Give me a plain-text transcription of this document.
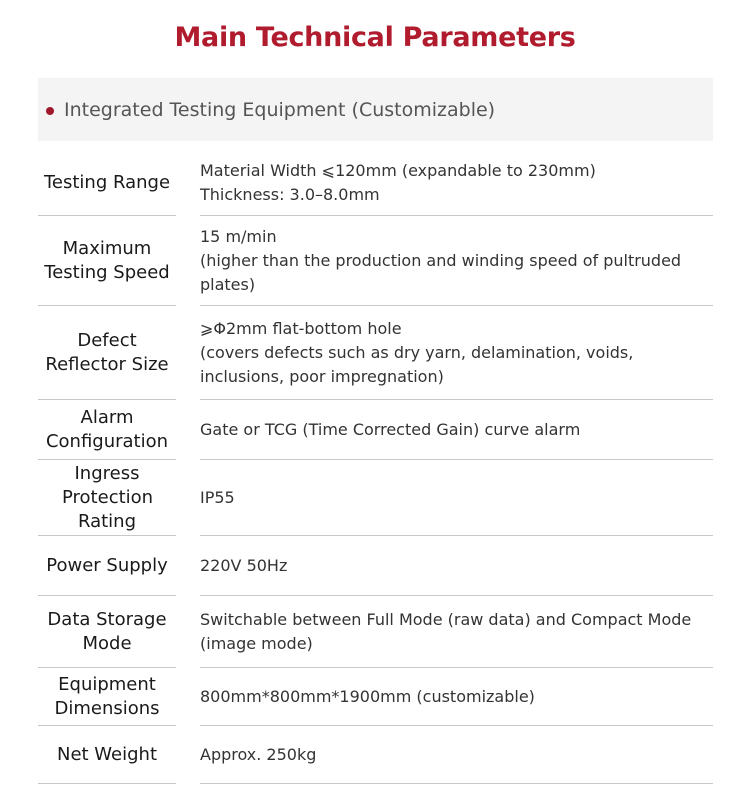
Main Technical Parameters
Integrated Testing Equipment (Customizable)
Testing Range
Material Width ⩽120mm (expandable to 230mm)
Thickness: 3.0–8.0mm
Maximum Testing Speed
15 m/min
(higher than the production and winding speed of pultruded plates)
Defect Reflector Size
⩾Φ2mm flat-bottom hole
(covers defects such as dry yarn, delamination, voids, inclusions, poor impregnation)
Alarm Configuration
Gate or TCG (Time Corrected Gain) curve alarm
Ingress Protection Rating
IP55
Power Supply	220V 50Hz
Data Storage Mode
Switchable between Full Mode (raw data) and Compact Mode (image mode)
Equipment Dimensions
800mm*800mm*1900mm (customizable)
Net Weight	Approx. 250kg
